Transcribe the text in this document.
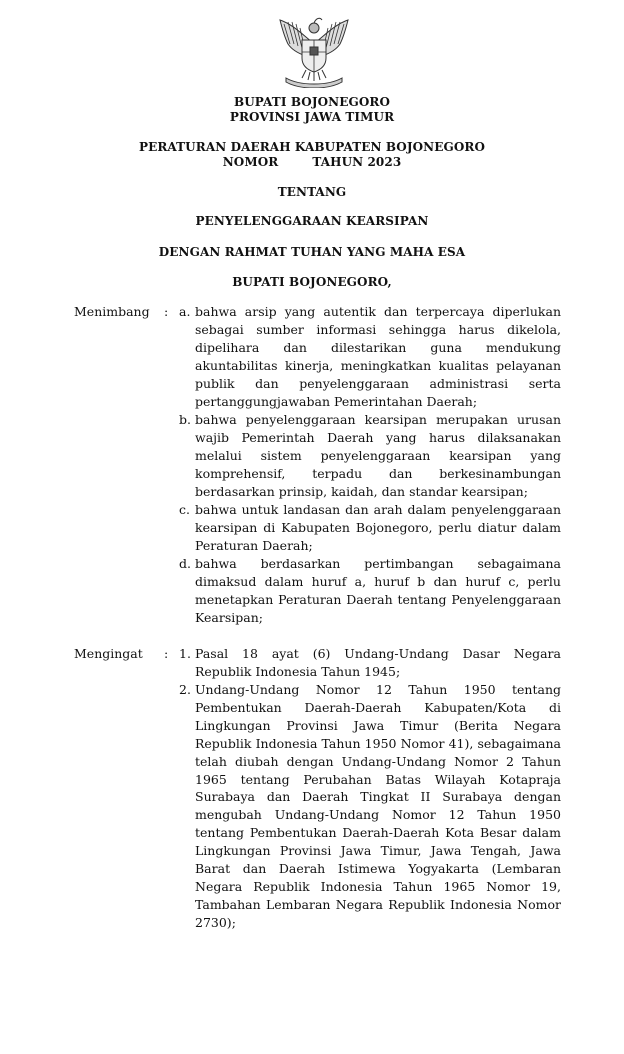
BUPATI BOJONEGORO
PROVINSI JAWA TIMUR
PERATURAN DAERAH KABUPATEN BOJONEGORO
NOMOR	TAHUN 2023
TENTANG
PENYELENGGARAAN KEARSIPAN
DENGAN RAHMAT TUHAN YANG MAHA ESA
BUPATI BOJONEGORO,
Menimbang : a. bahwa arsip yang autentik dan terpercaya diperlukan sebagai sumber informasi sehingga harus dikelola, dipelihara dan dilestarikan guna mendukung akuntabilitas kinerja, meningkatkan kualitas pelayanan publik dan penyelenggaraan administrasi serta pertanggungjawaban Pemerintahan Daerah;
b. bahwa penyelenggaraan kearsipan merupakan urusan wajib Pemerintah Daerah yang harus dilaksanakan melalui sistem penyelenggaraan kearsipan yang komprehensif, terpadu dan berkesinambungan berdasarkan prinsip, kaidah, dan standar kearsipan;
c. bahwa untuk landasan dan arah dalam penyelenggaraan kearsipan di Kabupaten Bojonegoro, perlu diatur dalam Peraturan Daerah;
d. bahwa berdasarkan pertimbangan sebagaimana dimaksud dalam huruf a, huruf b dan huruf c, perlu menetapkan Peraturan Daerah tentang Penyelenggaraan Kearsipan;
Mengingat : 1. Pasal 18 ayat (6) Undang-Undang Dasar Negara Republik Indonesia Tahun 1945;
2. Undang-Undang Nomor 12 Tahun 1950 tentang Pembentukan Daerah-Daerah Kabupaten/Kota di Lingkungan Provinsi Jawa Timur (Berita Negara Republik Indonesia Tahun 1950 Nomor 41), sebagaimana telah diubah dengan Undang-Undang Nomor 2 Tahun 1965 tentang Perubahan Batas Wilayah Kotapraja Surabaya dan Daerah Tingkat II Surabaya dengan mengubah Undang-Undang Nomor 12 Tahun 1950 tentang Pembentukan Daerah-Daerah Kota Besar dalam Lingkungan Provinsi Jawa Timur, Jawa Tengah, Jawa Barat dan Daerah Istimewa Yogyakarta (Lembaran Negara Republik Indonesia Tahun 1965 Nomor 19, Tambahan Lembaran Negara Republik Indonesia Nomor 2730);
